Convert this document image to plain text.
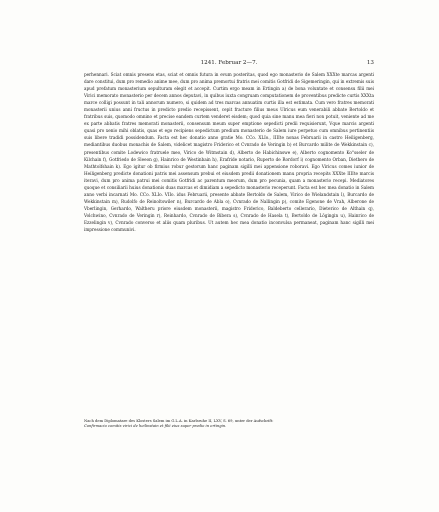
1241. Februar 2—7.	13

perhennari. Sciat omnis presens etas, sciat et omnis futura in evum posteritas, quod ego monasterio de Salem XXXte marcas argenti dare constitui, dum pro remedio anime mee, dum pro anima premortui fratris mei comitis Gotfridi de Sigemeringin, qui in extremis suis apud prefatum monasterium sepulturam elegit et accepit. Curtim ergo meam in Ertingin a) de bona voluntate et consensu filii mei Virici memorato monasterio per decem annos deputavi, in quibus iuxta congruam computationem de proventibus predicte curtis XXXta marce colligi possunt in tali annorum numero, si quidem ad tres marcas annuatim curtis illa est estimata. Cum vero fratres memorati monasterii unius anni fructus in predicto predio recepissent, cepit fracture filius meus Ulricus eum venerabili abbate Bertoldo et fratribus suis, quomodo omnino et precise eandem curtem venderet eisdem; quod quia sine manu mea fieri non potuit, veniente ad me ex parte abbatis fratres memorati monasterii, consensum meum super emptione sepedicti predii requisierunt, Vque marcis argenti quasi pro xenio mihi oblatis, quas et ego recipiens sepedictum predium monasterio de Salem iure perpetuo cum omnibus pertinentiis suis libere tradidi possidendum. Facta est hec donatio anno gratie Mo. CCo. XLIo., IIIIte nonas Februarii in castro Heiligenberg, mediantibus duobus monachis de Salem, videlicet magistro Friderico et Cvnrado de Veringin b) et Burcardo milite de Wekkinstain c), presentibus comite Lodewico fratruele meo, Virico de Witmstain d), Alberto de Habichinswe e), Alberto cognomento Ko°sseler de Kilchain f), Gotfriedo de Sleeon g), Hainrico de Westinbain h), Erafride notario, Ruperto de Rordorf i) cognomento Orban, Diethero de Mathtolfshain k). Ego igitur ob firmius robur gestorum hanc paginam sigilli mei appensione roboravi. Ego Viricus comes iunior de Heiligenberg predicte donationi patris mei assensum prebui et eiusdem predii donationem manu propria recepits XXXte IIIIte marcis iteravi, dum pro anima patrui mei comitis Gotfridi ac parentum meorum, dum pro pecunia, quam a monasterio recepi. Mediatores quoque et consiliarii huius donationis duas marcas et dimidiam a sepedicto monasterio receperunt. Facta est hec mea donatio in Salem anno verbi incarnati Mo. CCo. XLIo. VIIo. idus Februarii, presente abbate Bertoldo de Salem, Virico de Wielandstain l), Burcardo de Wekkinstain m), Rudolfo de Reinoltswiler n), Burcardo de Abla o), Cvnrado de Nallingin p), comite Egenone de Vrah, Alberone de Vberlingin, Gerhardo, Waltheru priore eiusdem monasterii, magistro Friderico, Baldeberto cellerario, Dieterico de Althain q), Volchwino, Cvnrado de Veringin r), Reinhardo, Cvnrado de Bibera s), Cvnrado de Hasela t), Bertoldo de Lögingin u), Hainrico de Ezzelingin v), Cvnrado converso et aliis quam pluribus. Ut autem hec mea donatio inconvulsa permaneat, paginam hanc sigilli mei impressione communivi.

Nach dem Diplomatare des Klosters Salem im G.L.A. in Karlsruhe II, LXV, S. 69, unter der Aufschrift:

Confirmacio comitis virici de heilinstain et filii eius super predio in ertingin.
